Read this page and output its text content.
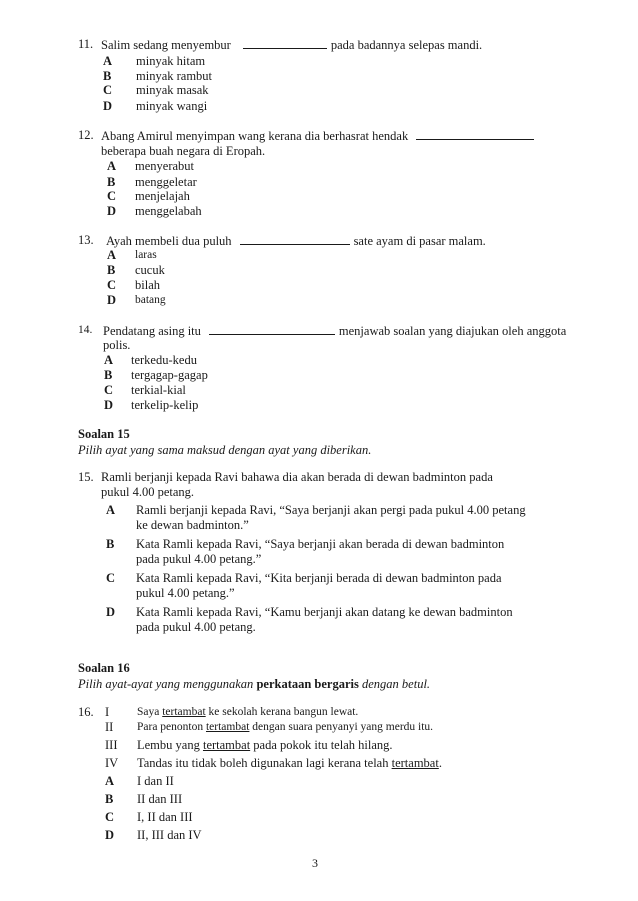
11. Salim sedang menyembur	pada badannya selepas mandi.
A minyak hitam
B minyak rambut
C minyak masak
D minyak wangi
12. Abang Amirul menyimpan wang kerana dia berhasrat hendak
beberapa buah negara di Eropah.
A menyerabut
B menggeletar
C menjelajah
D menggelabah
13. Ayah membeli dua puluh	sate ayam di pasar malam.
A laras
B cucuk
C bilah
D batang
14. Pendatang asing itu	menjawab soalan yang diajukan oleh anggota
polis.
A terkedu-kedu
B tergagap-gagap
C terkial-kial
D terkelip-kelip
Soalan 15
Pilih ayat yang sama maksud dengan ayat yang diberikan.
15. Ramli berjanji kepada Ravi bahawa dia akan berada di dewan badminton pada
pukul 4.00 petang.
A Ramli berjanji kepada Ravi, “Saya berjanji akan pergi pada pukul 4.00 petang
ke dewan badminton.”
B Kata Ramli kepada Ravi, “Saya berjanji akan berada di dewan badminton
pada pukul 4.00 petang.”
C Kata Ramli kepada Ravi, “Kita berjanji berada di dewan badminton pada
pukul 4.00 petang.”
D Kata Ramli kepada Ravi, “Kamu berjanji akan datang ke dewan badminton
pada pukul 4.00 petang.
Soalan 16
Pilih ayat-ayat yang menggunakan perkataan bergaris dengan betul.
16. I Saya tertambat ke sekolah kerana bangun lewat.
II Para penonton tertambat dengan suara penyanyi yang merdu itu.
III Lembu yang tertambat pada pokok itu telah hilang.
IV Tandas itu tidak boleh digunakan lagi kerana telah tertambat.
A I dan II
B II dan III
C I, II dan III
D II, III dan IV
3
